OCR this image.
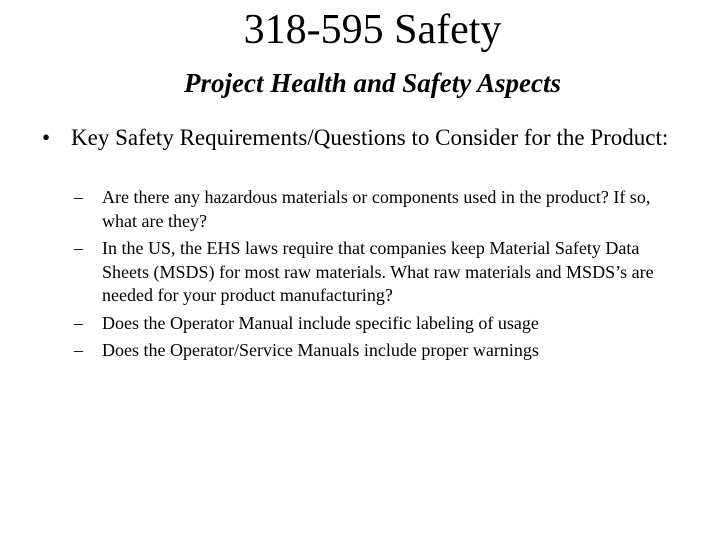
318-595 Safety
Project Health and Safety Aspects
• Key Safety Requirements/Questions to Consider for the Product:
– Are there any hazardous materials or components used in the product? If so, what are they?
– In the US, the EHS laws require that companies keep Material Safety Data Sheets (MSDS) for most raw materials. What raw materials and MSDS’s are needed for your product manufacturing?
– Does the Operator Manual include specific labeling of usage
– Does the Operator/Service Manuals include proper warnings
